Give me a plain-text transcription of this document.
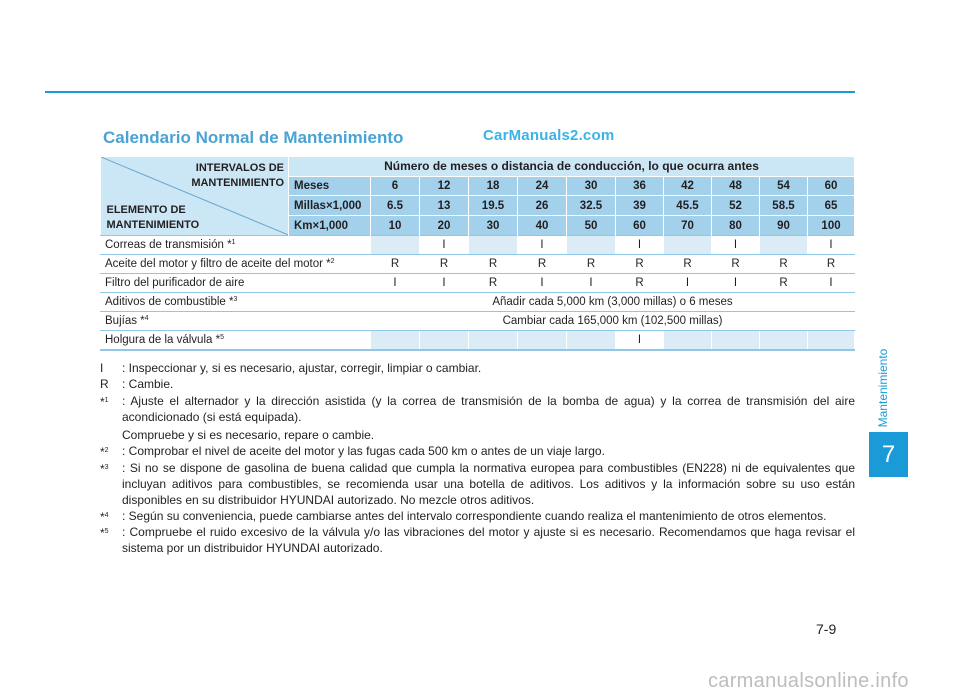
Calendario Normal de Mantenimiento	CarManuals2.com
Mantenimiento
7
INTERVALOS DE
MANTENIMIENTO
ELEMENTO DE
MANTENIMIENTO	Número de meses o distancia de conducción, lo que ocurra antes										
	Meses	6	12	18	24	30	36	42	48	54	60
	Millas×1,000	6.5	13	19.5	26	32.5	39	45.5	52	58.5	65
	Km×1,000	10	20	30	40	50	60	70	80	90	100
Correas de transmisión *$^1$			I		I		I		I		I
Aceite del motor y filtro de aceite del motor *$^2$		R	R	R	R	R	R	R	R	R	R
Filtro del purificador de aire		I	I	R	I	I	R	I	I	R	I
Aditivos de combustible *$^3$		Añadir cada 5,000 km (3,000 millas) o 6 meses									
Bujías *$^4$		Cambiar cada 165,000 km (102,500 millas)									
Holgura de la válvula *$^5$							I				

I : Inspeccionar y, si es necesario, ajustar, corregir, limpiar o cambiar.

R : Cambie.

*$^1$ : Ajuste el alternador y la dirección asistida (y la correa de transmisión de la bomba de agua) y la correa de transmisión del aire acondicionado (si está equipada).

Compruebe y si es necesario, repare o cambie.

*$^2$ : Comprobar el nivel de aceite del motor y las fugas cada 500 km o antes de un viaje largo.

*$^3$ : Si no se dispone de gasolina de buena calidad que cumpla la normativa europea para combustibles (EN228) ni de equivalentes que incluyan aditivos para combustibles, se recomienda usar una botella de aditivos. Los aditivos y la información sobre su uso están disponibles en su distribuidor HYUNDAI autorizado. No mezcle otros aditivos.

*$^4$ : Según su conveniencia, puede cambiarse antes del intervalo correspondiente cuando realiza el mantenimiento de otros elementos.

*$^5$ : Compruebe el ruido excesivo de la válvula y/o las vibraciones del motor y ajuste si es necesario. Recomendamos que haga revisar el sistema por un distribuidor HYUNDAI autorizado.

7-9
carmanualsonline.info
